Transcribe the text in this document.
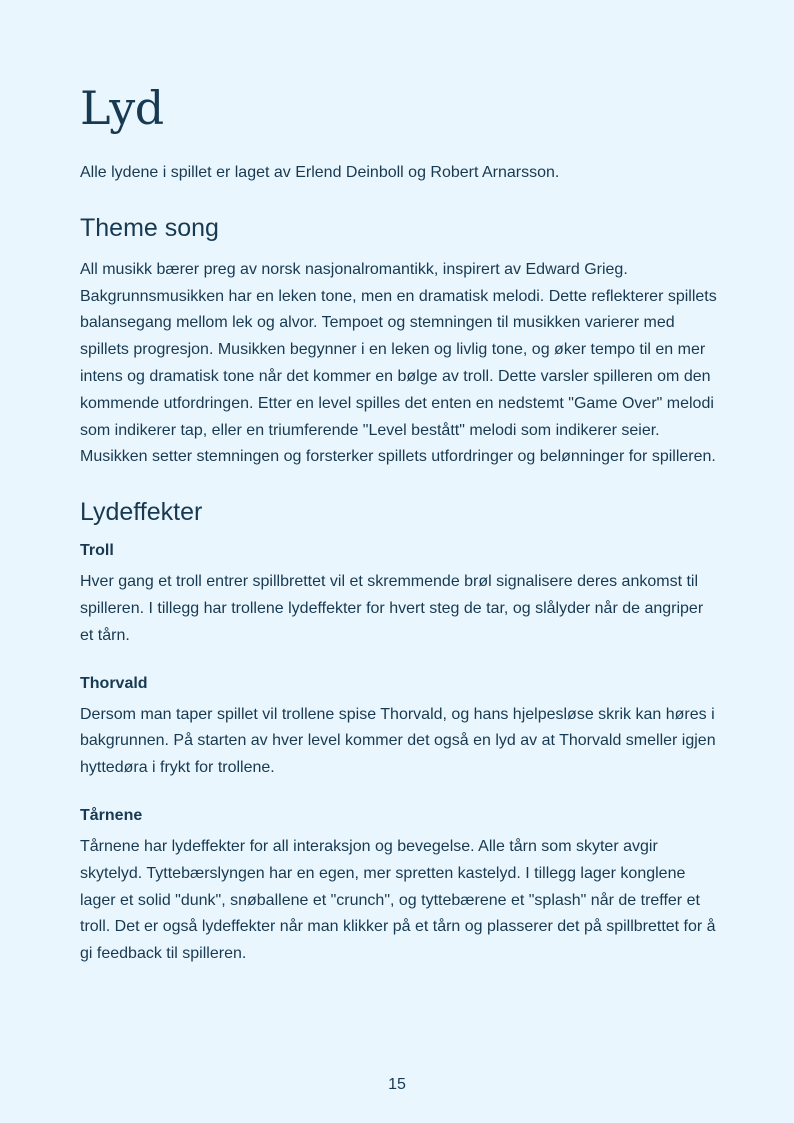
Lyd

Alle lydene i spillet er laget av Erlend Deinboll og Robert Arnarsson.

Theme song

All musikk bærer preg av norsk nasjonalromantikk, inspirert av Edward Grieg. Bakgrunnsmusikken har en leken tone, men en dramatisk melodi. Dette reflekterer spillets balansegang mellom lek og alvor. Tempoet og stemningen til musikken varierer med spillets progresjon. Musikken begynner i en leken og livlig tone, og øker tempo til en mer intens og dramatisk tone når det kommer en bølge av troll. Dette varsler spilleren om den kommende utfordringen. Etter en level spilles det enten en nedstemt "Game Over" melodi som indikerer tap, eller en triumferende "Level bestått" melodi som indikerer seier. Musikken setter stemningen og forsterker spillets utfordringer og belønninger for spilleren.

Lydeffekter
Troll

Hver gang et troll entrer spillbrettet vil et skremmende brøl signalisere deres ankomst til spilleren. I tillegg har trollene lydeffekter for hvert steg de tar, og slålyder når de angriper et tårn.

Thorvald

Dersom man taper spillet vil trollene spise Thorvald, og hans hjelpesløse skrik kan høres i bakgrunnen. På starten av hver level kommer det også en lyd av at Thorvald smeller igjen hyttedøra i frykt for trollene.

Tårnene

Tårnene har lydeffekter for all interaksjon og bevegelse. Alle tårn som skyter avgir skytelyd. Tyttebærslyngen har en egen, mer spretten kastelyd. I tillegg lager konglene lager et solid "dunk", snøballene et "crunch", og tyttebærene et "splash" når de treffer et troll. Det er også lydeffekter når man klikker på et tårn og plasserer det på spillbrettet for å gi feedback til spilleren.

15
